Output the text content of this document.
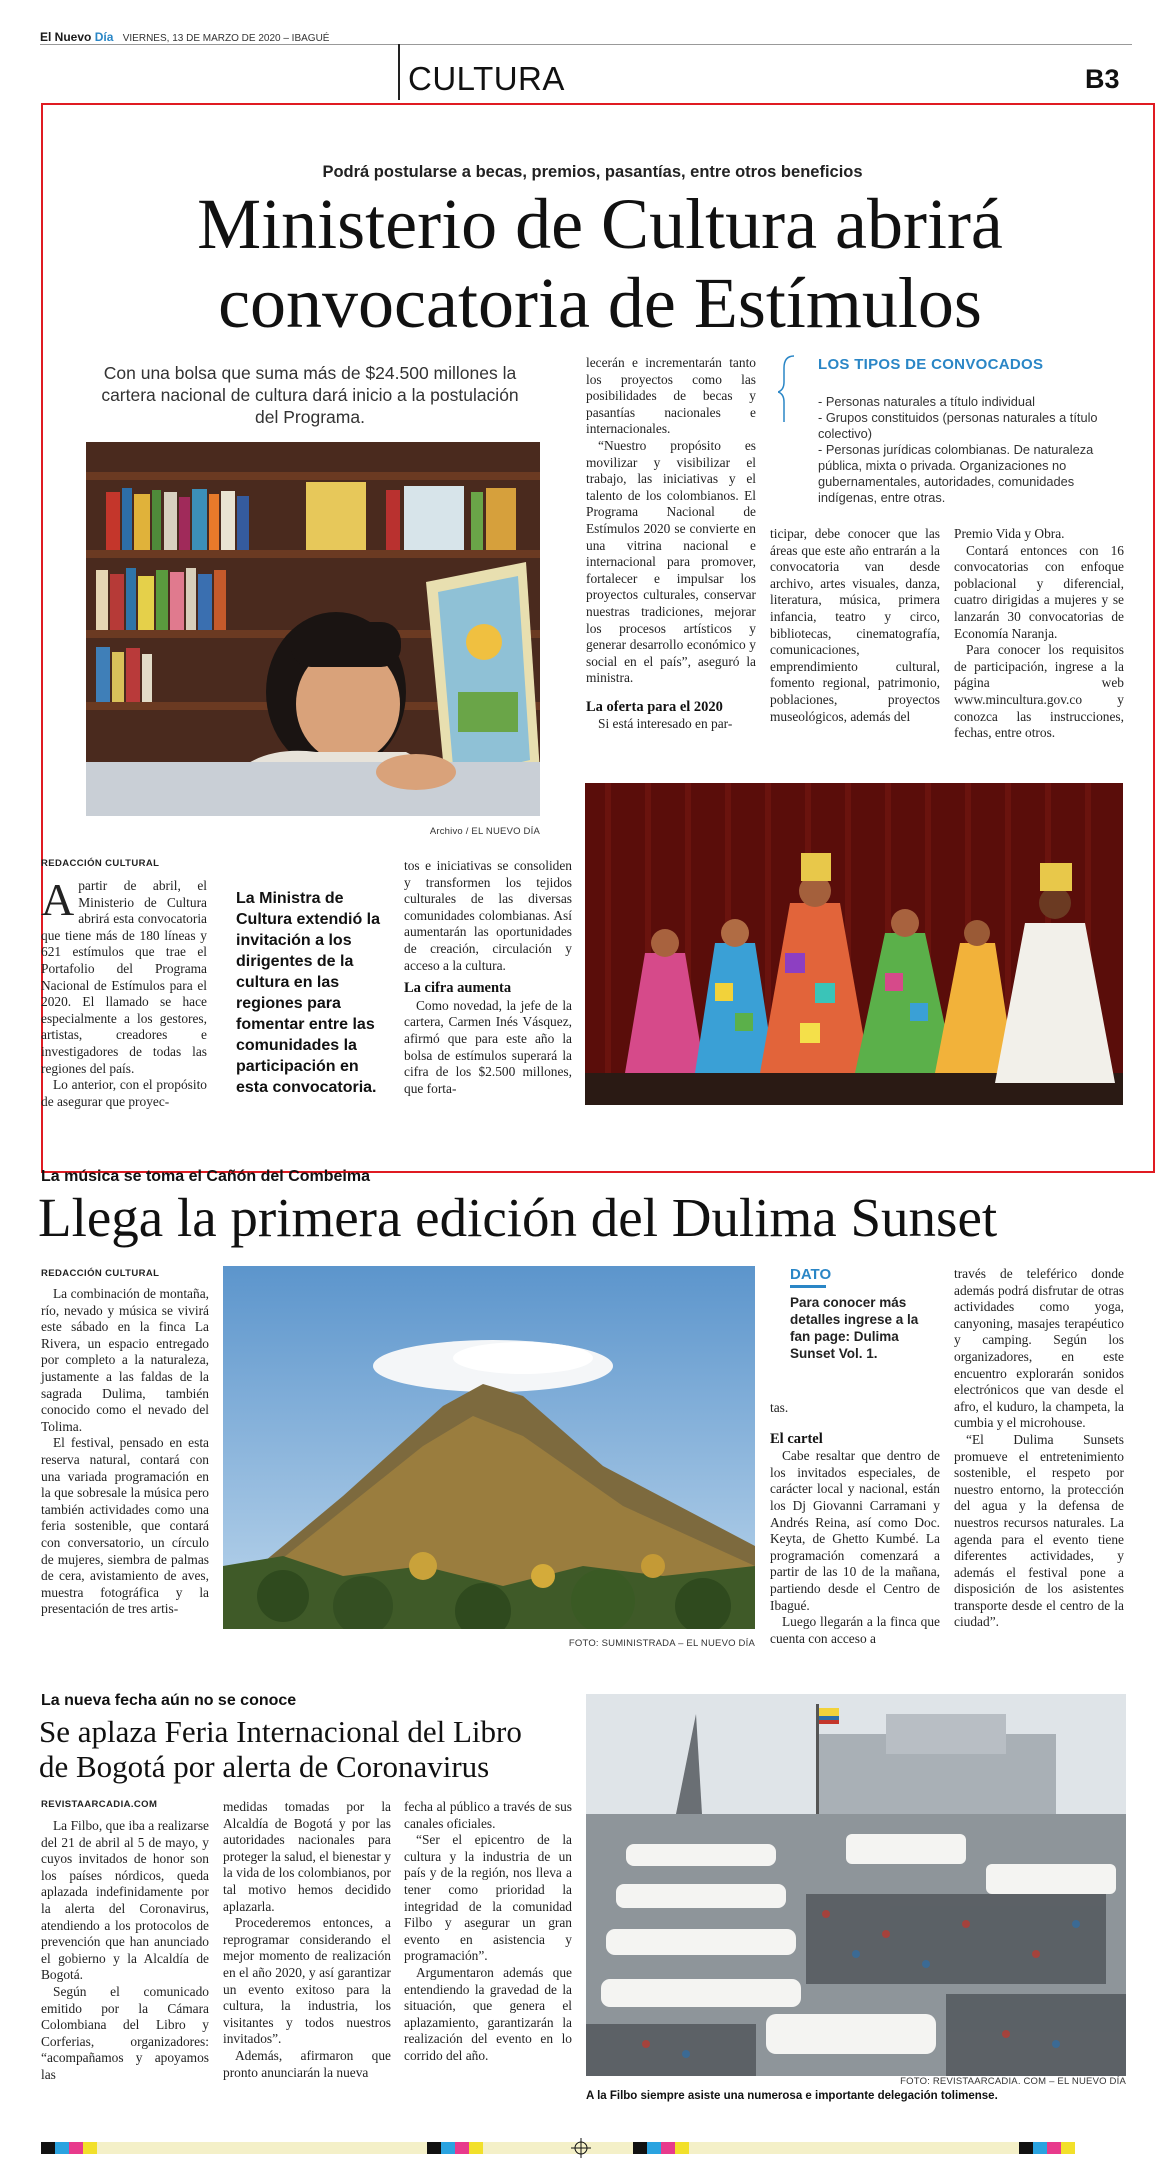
El Nuevo Día VIERNES, 13 DE MARZO DE 2020 – IBAGUÉ
CULTURA	B3
Podrá postularse a becas, premios, pasantías, entre otros beneficios
Ministerio de Cultura abrirá
convocatoria de Estímulos
Con una bolsa que suma más de $24.500 millones la cartera nacional de cultura dará inicio a la postulación del Programa.
Archivo / EL NUEVO DÍA
REDACCIÓN CULTURAL
A partir de abril, el Ministerio de Cultura abrirá esta convocatoria que tiene más de 180 líneas y 621 estímulos que trae el Portafolio del Programa Nacional de Estímulos para el 2020. El llamado se hace especialmente a los gestores, artistas, creadores e investigadores de todas las regiones del país.

Lo anterior, con el propósito de asegurar que proyec-

La Ministra de Cultura extendió la invitación a los dirigentes de la cultura en las regiones para fomentar entre las comunidades la participación en esta convocatoria.

tos e iniciativas se consoliden y transformen los tejidos culturales de las diversas comunidades colombianas. Así aumentarán las oportunidades de creación, circulación y acceso a la cultura.

La cifra aumenta

Como novedad, la jefe de la cartera, Carmen Inés Vásquez, afirmó que para este año la bolsa de estímulos superará la cifra de los $2.500 millones, que forta-

lecerán e incrementarán tanto los proyectos como las posibilidades de becas y pasantías nacionales e internacionales.

“Nuestro propósito es movilizar y visibilizar el trabajo, las iniciativas y el talento de los colombianos. El Programa Nacional de Estímulos 2020 se convierte en una vitrina nacional e internacional para promover, fortalecer e impulsar los proyectos culturales, conservar nuestras tradiciones, mejorar los procesos artísticos y generar desarrollo económico y social en el país”, aseguró la ministra.

La oferta para el 2020

Si está interesado en par-

LOS TIPOS DE CONVOCADOS
- Personas naturales a título individual
- Grupos constituidos (personas naturales a título colectivo)
- Personas jurídicas colombianas. De naturaleza pública, mixta o privada. Organizaciones no gubernamentales, autoridades, comunidades indígenas, entre otras.

ticipar, debe conocer que las áreas que este año entrarán a la convocatoria van desde archivo, artes visuales, danza, literatura, música, primera infancia, teatro y circo, bibliotecas, cinematografía, comunicaciones, emprendimiento cultural, fomento regional, patrimonio, poblaciones, proyectos museológicos, además del

Premio Vida y Obra.

Contará entonces con 16 convocatorias con enfoque poblacional y diferencial, cuatro dirigidas a mujeres y se lanzarán 30 convocatorias de Economía Naranja.

Para conocer los requisitos de participación, ingrese a la página web www.mincultura.gov.co y conozca las instrucciones, fechas, entre otros.

La música se toma el Cañón del Combeima
Llega la primera edición del Dulima Sunset
REDACCIÓN CULTURAL

La combinación de montaña, río, nevado y música se vivirá este sábado en la finca La Rivera, un espacio entregado por completo a la naturaleza, justamente a las faldas de la sagrada Dulima, también conocido como el nevado del Tolima.

El festival, pensado en esta reserva natural, contará con una variada programación en la que sobresale la música pero también actividades como una feria sostenible, que contará con conversatorio, un círculo de mujeres, siembra de palmas de cera, avistamiento de aves, muestra fotográfica y la presentación de tres artis-

FOTO: SUMINISTRADA – EL NUEVO DÍA
DATO
Para conocer más detalles ingrese a la fan page: Dulima Sunset Vol. 1.

tas.

El cartel

Cabe resaltar que dentro de los invitados especiales, de carácter local y nacional, están los Dj Giovanni Carramani y Andrés Reina, así como Doc. Keyta, de Ghetto Kumbé. La programación comenzará a partir de las 10 de la mañana, partiendo desde el Centro de Ibagué.

Luego llegarán a la finca que cuenta con acceso a

través de teleférico donde además podrá disfrutar de otras actividades como yoga, canyoning, masajes terapéutico y camping. Según los organizadores, en este encuentro explorarán sonidos electrónicos que van desde el afro, el kuduro, la champeta, la cumbia y el microhouse.

“El Dulima Sunsets promueve el entretenimiento sostenible, el respeto por nuestro entorno, la protección del agua y la defensa de nuestros recursos naturales. La agenda para el evento tiene diferentes actividades, y además el festival pone a disposición de los asistentes transporte desde el centro de la ciudad”.

La nueva fecha aún no se conoce
Se aplaza Feria Internacional del Libro
de Bogotá por alerta de Coronavirus
REVISTAARCADIA.COM

La Filbo, que iba a realizarse del 21 de abril al 5 de mayo, y cuyos invitados de honor son los países nórdicos, queda aplazada indefinidamente por la alerta del Coronavirus, atendiendo a los protocolos de prevención que han anunciado el gobierno y la Alcaldía de Bogotá.

Según el comunicado emitido por la Cámara Colombiana del Libro y Corferias, organizadores: “acompañamos y apoyamos las

medidas tomadas por la Alcaldía de Bogotá y por las autoridades nacionales para proteger la salud, el bienestar y la vida de los colombianos, por tal motivo hemos decidido aplazarla.

Procederemos entonces, a reprogramar considerando el mejor momento de realización en el año 2020, y así garantizar un evento exitoso para la cultura, la industria, los visitantes y todos nuestros invitados”.

Además, afirmaron que pronto anunciarán la nueva

fecha al público a través de sus canales oficiales.

“Ser el epicentro de la cultura y la industria de un país y de la región, nos lleva a tener como prioridad la integridad de la comunidad Filbo y asegurar un gran evento en asistencia y programación”.

Argumentaron además que entendiendo la gravedad de la situación, que genera el aplazamiento, garantizarán la realización del evento en lo corrido del año.

FOTO: REVISTAARCADIA. COM – EL NUEVO DÍA
A la Filbo siempre asiste una numerosa e importante delegación tolimense.
